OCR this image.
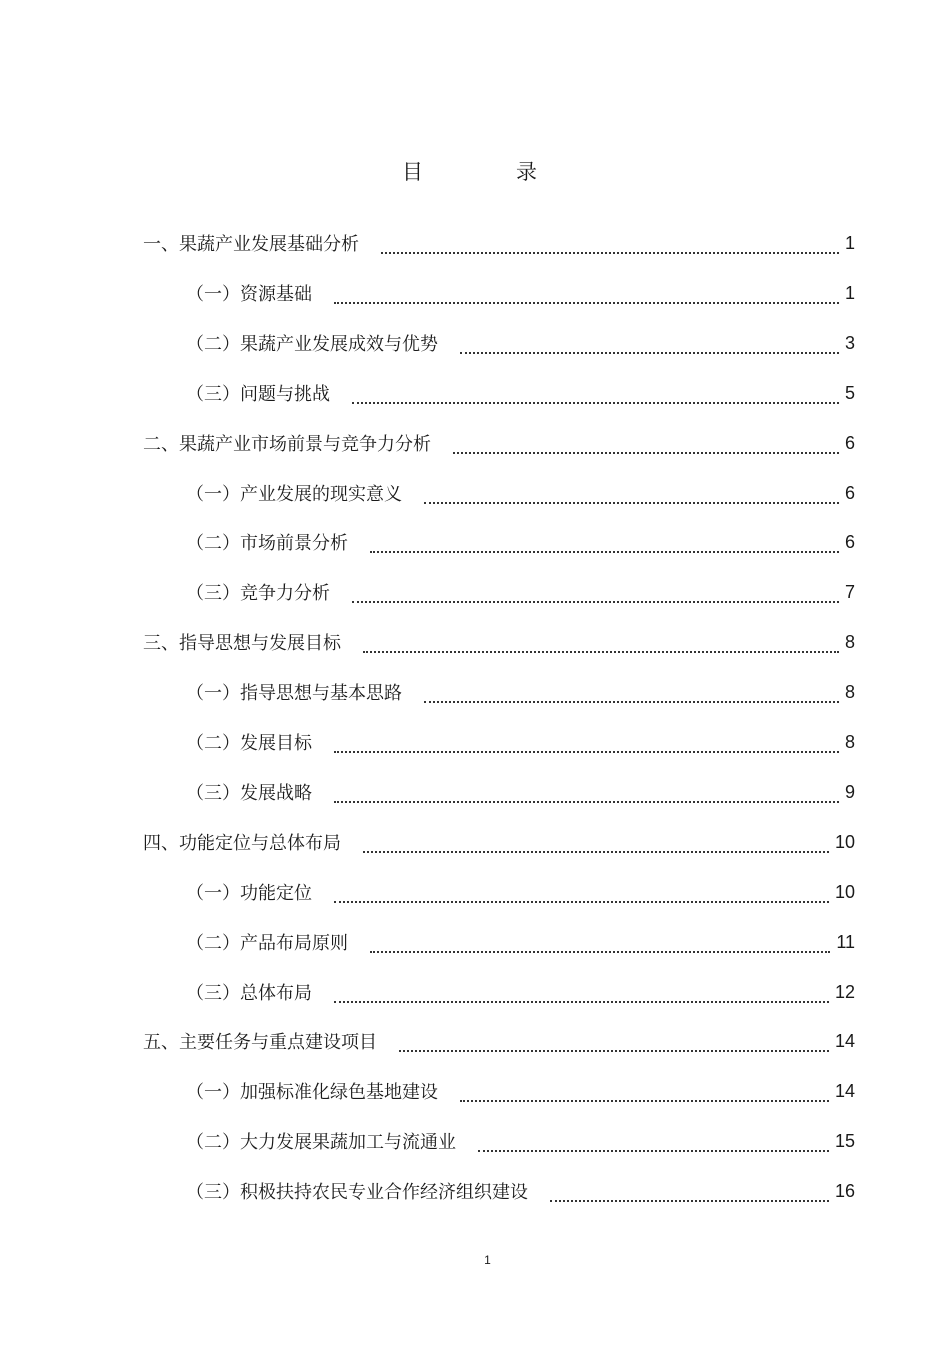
目　录
一、果蔬产业发展基础分析	1
（一）资源基础	1
（二）果蔬产业发展成效与优势	3
（三）问题与挑战	5
二、果蔬产业市场前景与竞争力分析	6
（一）产业发展的现实意义	6
（二）市场前景分析	6
（三）竞争力分析	7
三、指导思想与发展目标	8
（一）指导思想与基本思路	8
（二）发展目标	8
（三）发展战略	9
四、功能定位与总体布局	10
（一）功能定位	10
（二）产品布局原则	11
（三）总体布局	12
五、主要任务与重点建设项目	14
（一）加强标准化绿色基地建设	14
（二）大力发展果蔬加工与流通业	15
（三）积极扶持农民专业合作经济组织建设	16
1
